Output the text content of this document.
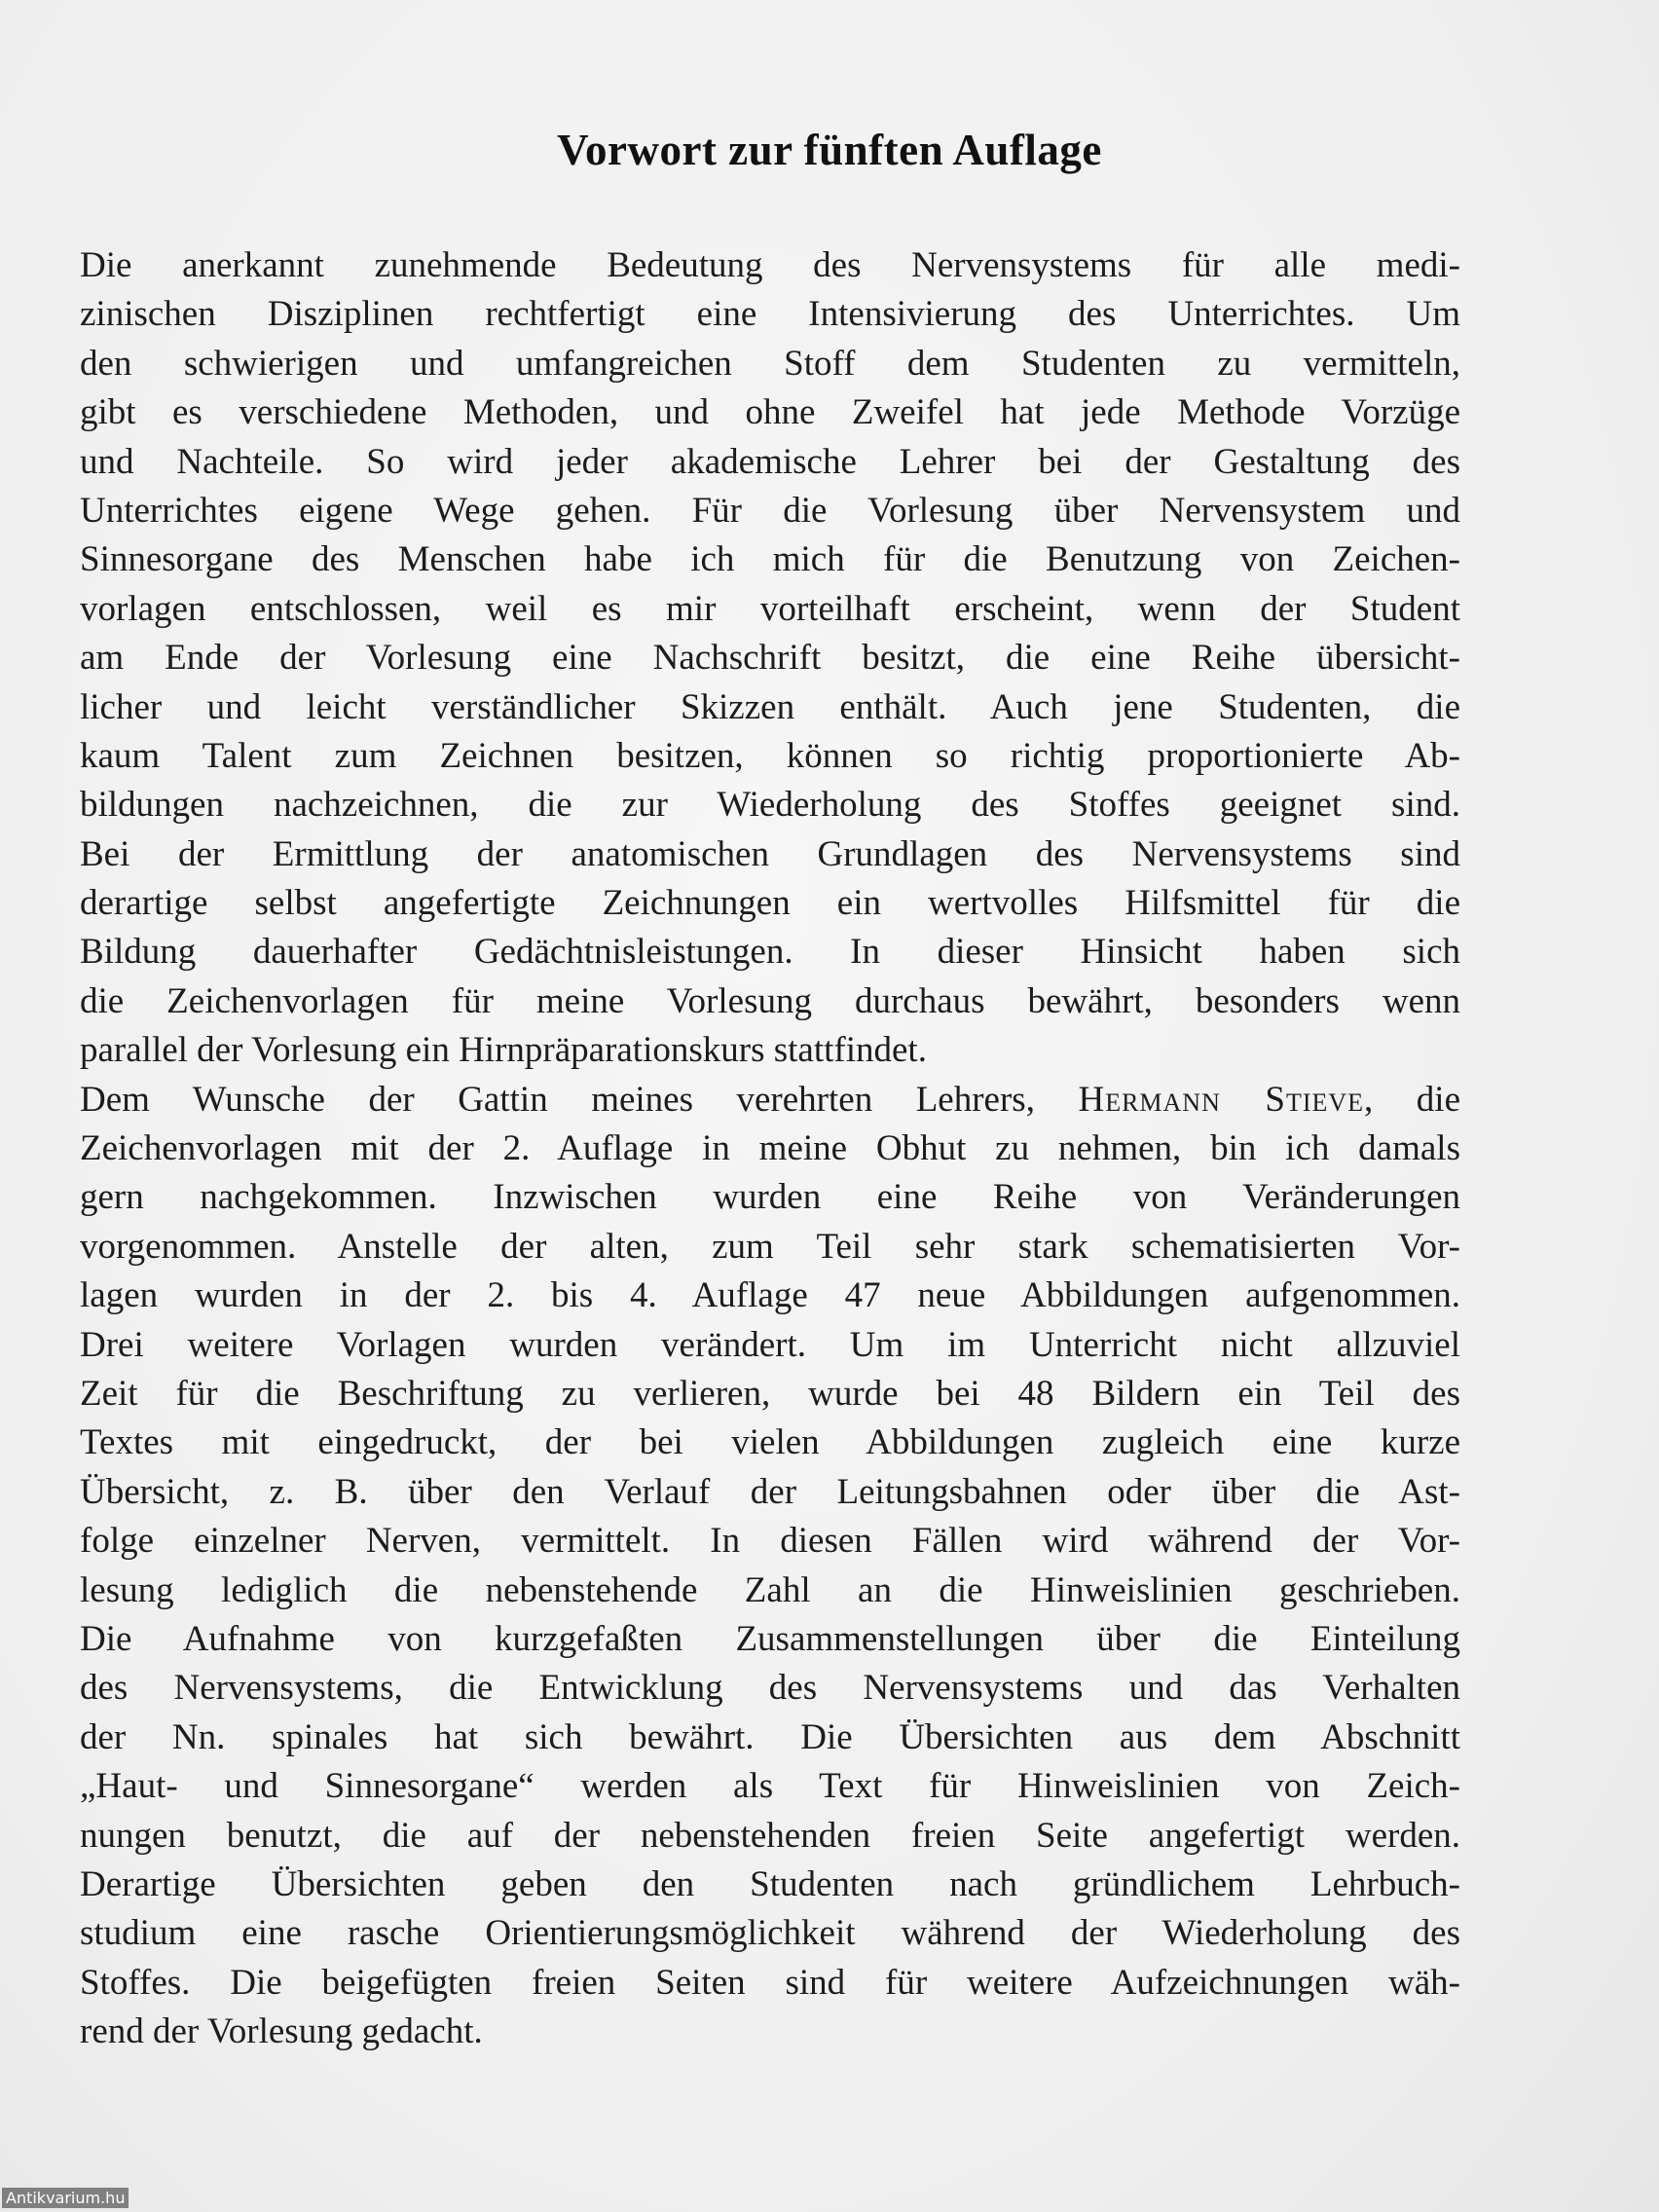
Vorwort zur fünften Auflage
Die anerkannt zunehmende Bedeutung des Nervensystems für alle medi-
zinischen Disziplinen rechtfertigt eine Intensivierung des Unterrichtes. Um
den schwierigen und umfangreichen Stoff dem Studenten zu vermitteln,
gibt es verschiedene Methoden, und ohne Zweifel hat jede Methode Vorzüge
und Nachteile. So wird jeder akademische Lehrer bei der Gestaltung des
Unterrichtes eigene Wege gehen. Für die Vorlesung über Nervensystem und
Sinnesorgane des Menschen habe ich mich für die Benutzung von Zeichen-
vorlagen entschlossen, weil es mir vorteilhaft erscheint, wenn der Student
am Ende der Vorlesung eine Nachschrift besitzt, die eine Reihe übersicht-
licher und leicht verständlicher Skizzen enthält. Auch jene Studenten, die
kaum Talent zum Zeichnen besitzen, können so richtig proportionierte Ab-
bildungen nachzeichnen, die zur Wiederholung des Stoffes geeignet sind.
Bei der Ermittlung der anatomischen Grundlagen des Nervensystems sind
derartige selbst angefertigte Zeichnungen ein wertvolles Hilfsmittel für die
Bildung dauerhafter Gedächtnisleistungen. In dieser Hinsicht haben sich
die Zeichenvorlagen für meine Vorlesung durchaus bewährt, besonders wenn
parallel der Vorlesung ein Hirnpräparationskurs stattfindet.
Dem Wunsche der Gattin meines verehrten Lehrers, Hermann Stieve, die
Zeichenvorlagen mit der 2. Auflage in meine Obhut zu nehmen, bin ich damals
gern nachgekommen. Inzwischen wurden eine Reihe von Veränderungen
vorgenommen. Anstelle der alten, zum Teil sehr stark schematisierten Vor-
lagen wurden in der 2. bis 4. Auflage 47 neue Abbildungen aufgenommen.
Drei weitere Vorlagen wurden verändert. Um im Unterricht nicht allzuviel
Zeit für die Beschriftung zu verlieren, wurde bei 48 Bildern ein Teil des
Textes mit eingedruckt, der bei vielen Abbildungen zugleich eine kurze
Übersicht, z. B. über den Verlauf der Leitungsbahnen oder über die Ast-
folge einzelner Nerven, vermittelt. In diesen Fällen wird während der Vor-
lesung lediglich die nebenstehende Zahl an die Hinweislinien geschrieben.
Die Aufnahme von kurzgefaßten Zusammenstellungen über die Einteilung
des Nervensystems, die Entwicklung des Nervensystems und das Verhalten
der Nn. spinales hat sich bewährt. Die Übersichten aus dem Abschnitt
„Haut- und Sinnesorgane“ werden als Text für Hinweislinien von Zeich-
nungen benutzt, die auf der nebenstehenden freien Seite angefertigt werden.
Derartige Übersichten geben den Studenten nach gründlichem Lehrbuch-
studium eine rasche Orientierungsmöglichkeit während der Wiederholung des
Stoffes. Die beigefügten freien Seiten sind für weitere Aufzeichnungen wäh-
rend der Vorlesung gedacht.
Antikvarium.hu
